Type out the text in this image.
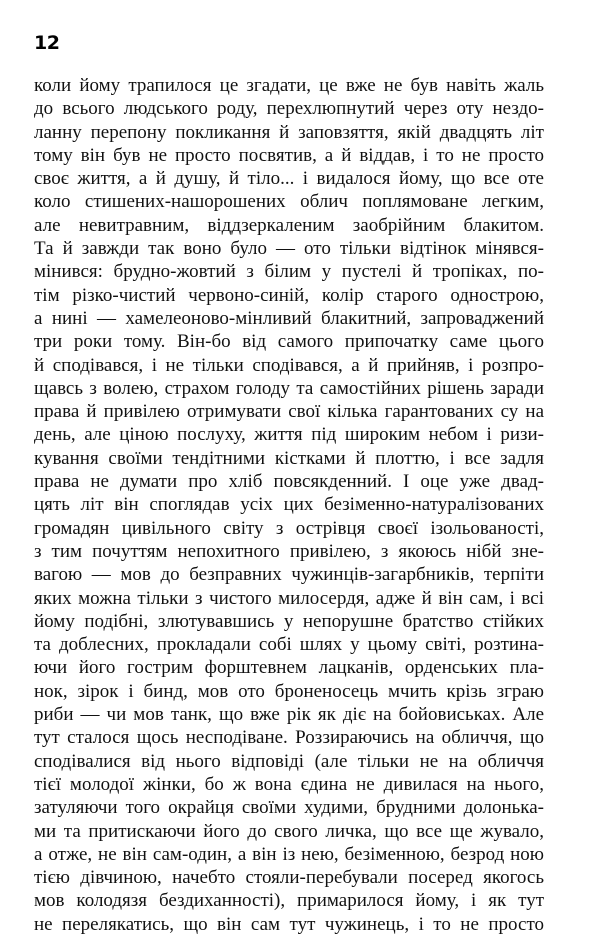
12
коли йому трапилося це згадати, це вже не був навіть жаль
до всього людського роду, перехлюпнутий через оту нездо-
ланну перепону покликання й заповзяття, якій двадцять літ
тому він був не просто посвятив, а й віддав, і то не просто
своє життя, а й душу, й тіло... і видалося йому, що все оте
коло стишених-нашорошених облич поплямоване легким,
але невитравним, віддзеркаленим заобрійним блакитом.
Та й завжди так воно було — ото тільки відтінок мінявся-
мінився: брудно-жовтий з білим у пустелі й тропіках, по-
тім різко-чистий червоно-синій, колір старого однострою,
а нині — хамелеоново-мінливий блакитний, запроваджений
три роки тому. Він-бо від самого припочатку саме цього
й сподівався, і не тільки сподівався, а й прийняв, і розпро-
щавсь з волею, страхом голоду та самостійних рішень заради
права й привілею отримувати свої кілька гарантованих су на
день, але ціною послуху, життя під широким небом і ризи-
кування своїми тендітними кістками й плоттю, і все задля
права не думати про хліб повсякденний. І оце уже двад-
цять літ він споглядав усіх цих безіменно-натуралізованих
громадян цивільного світу з острівця своєї ізольованості,
з тим почуттям непохитного привілею, з якоюсь нібй зне-
вагою — мов до безправних чужинців-загарбників, терпіти
яких можна тільки з чистого милосердя, адже й він сам, і всі
йому подібні, злютувавшись у непорушне братство стійких
та доблесних, прокладали собі шлях у цьому світі, розтина-
ючи його гострим форштевнем лацканів, орденських пла-
нок, зірок і бинд, мов ото броненосець мчить крізь зграю
риби — чи мов танк, що вже рік як діє на бойовиськах. Але
тут сталося щось несподіване. Роззираючись на обличчя, що
сподівалися від нього відповіді (але тільки не на обличчя
тієї молодої жінки, бо ж вона єдина не дивилася на нього,
затуляючи того окрайця своїми худими, брудними долонька-
ми та притискаючи його до свого личка, що все ще жувало,
а отже, не він сам-один, а він із нею, безіменною, безрод ною
тією дівчиною, начебто стояли-перебували посеред якогось
мов колодязя бездиханності), примарилося йому, і як тут
не перелякатись, що він сам тут чужинець, і то не просто
